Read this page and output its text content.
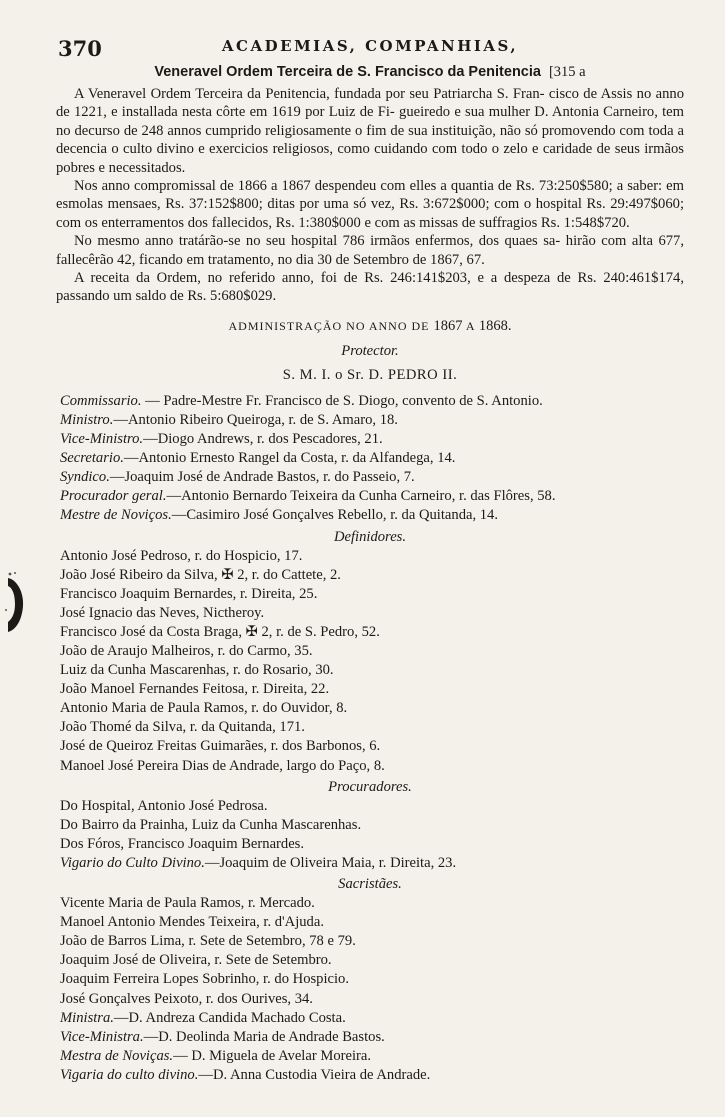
370	ACADEMIAS, COMPANHIAS,
Veneravel Ordem Terceira de S. Francisco da Penitencia [315 a

A Veneravel Ordem Terceira da Penitencia, fundada por seu Patriarcha S. Fran- cisco de Assis no anno de 1221, e installada nesta côrte em 1619 por Luiz de Fi- gueiredo e sua mulher D. Antonia Carneiro, tem no decurso de 248 annos cumprido religiosamente o fim de sua instituição, não só promovendo com toda a decencia o culto divino e exercicios religiosos, como cuidando com todo o zelo e caridade de seus irmãos pobres e necessitados.

Nos anno compromissal de 1866 a 1867 despendeu com elles a quantia de Rs. 73:250$580; a saber: em esmolas mensaes, Rs. 37:152$800; ditas por uma só vez, Rs. 3:672$000; com o hospital Rs. 29:497$060; com os enterramentos dos fallecidos, Rs. 1:380$000 e com as missas de suffragios Rs. 1:548$720.

No mesmo anno tratárão-se no seu hospital 786 irmãos enfermos, dos quaes sa- hirão com alta 677, fallecêrão 42, ficando em tratamento, no dia 30 de Setembro de 1867, 67.

A receita da Ordem, no referido anno, foi de Rs. 246:141$203, e a despeza de Rs. 240:461$174, passando um saldo de Rs. 5:680$029.

ADMINISTRAÇÃO NO ANNO DE 1867 A 1868.
Protector.
S. M. I. o Sr. D. PEDRO II.
Commissario. — Padre-Mestre Fr. Francisco de S. Diogo, convento de S. Antonio.
Ministro.—Antonio Ribeiro Queiroga, r. de S. Amaro, 18.
Vice-Ministro.—Diogo Andrews, r. dos Pescadores, 21.
Secretario.—Antonio Ernesto Rangel da Costa, r. da Alfandega, 14.
Syndico.—Joaquim José de Andrade Bastos, r. do Passeio, 7.
Procurador geral.—Antonio Bernardo Teixeira da Cunha Carneiro, r. das Flôres, 58.
Mestre de Noviços.—Casimiro José Gonçalves Rebello, r. da Quitanda, 14.
Definidores.
Antonio José Pedroso, r. do Hospicio, 17.
João José Ribeiro da Silva, ✠ 2, r. do Cattete, 2.
Francisco Joaquim Bernardes, r. Direita, 25.
José Ignacio das Neves, Nictheroy.
Francisco José da Costa Braga, ✠ 2, r. de S. Pedro, 52.
João de Araujo Malheiros, r. do Carmo, 35.
Luiz da Cunha Mascarenhas, r. do Rosario, 30.
João Manoel Fernandes Feitosa, r. Direita, 22.
Antonio Maria de Paula Ramos, r. do Ouvidor, 8.
João Thomé da Silva, r. da Quitanda, 171.
José de Queiroz Freitas Guimarães, r. dos Barbonos, 6.
Manoel José Pereira Dias de Andrade, largo do Paço, 8.
Procuradores.
Do Hospital, Antonio José Pedrosa.
Do Bairro da Prainha, Luiz da Cunha Mascarenhas.
Dos Fóros, Francisco Joaquim Bernardes.
Vigario do Culto Divino.—Joaquim de Oliveira Maia, r. Direita, 23.
Sacristães.
Vicente Maria de Paula Ramos, r. Mercado.
Manoel Antonio Mendes Teixeira, r. d'Ajuda.
João de Barros Lima, r. Sete de Setembro, 78 e 79.
Joaquim José de Oliveira, r. Sete de Setembro.
Joaquim Ferreira Lopes Sobrinho, r. do Hospicio.
José Gonçalves Peixoto, r. dos Ourives, 34.
Ministra.—D. Andreza Candida Machado Costa.
Vice-Ministra.—D. Deolinda Maria de Andrade Bastos.
Mestra de Noviças.— D. Miguela de Avelar Moreira.
Vigaria do culto divino.—D. Anna Custodia Vieira de Andrade.
